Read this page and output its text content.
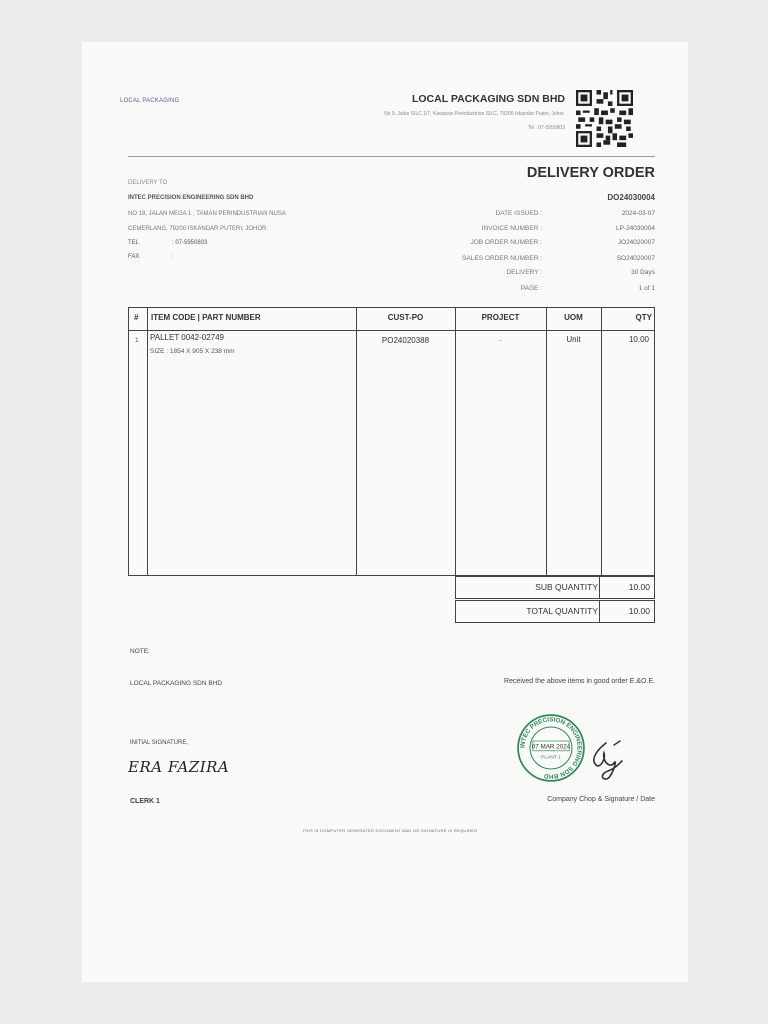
LOCAL PACKAGING	LOCAL PACKAGING SDN BHD
No 9, Jalan SILC 1/7, Kawasan Perindustrian SILC, 79200 Iskandar Puteri, Johor.
Tel : 07-5950803
DELIVERY ORDER
DO24030004
DELIVERY TO
INTEC PRECISION ENGINEERING SDN BHD
NO 18, JALAN MEGA 1 , TAMAN PERINDUSTRIAN NUSA
CEMERLANG, 79200 ISKANDAR PUTERI, JOHOR.
TEL	: 07-5950803
FAX	:
DATE ISSUED :	2024-03-07
INVOICE NUMBER :	LP-24030004
JOB ORDER NUMBER :	JO24020007
SALES ORDER NUMBER :	SO24020007
DELIVERY :	30 Days
PAGE :	1 of 1
# ITEM CODE | PART NUMBER	CUST-PO	PROJECT	UOM	QTY
1 PALLET 0042-02749
SIZE : 1854 X 905 X 238 mm
PO24020388	-	Unit	10.00
SUB QUANTITY	10.00
TOTAL QUANTITY	10.00
NOTE:
LOCAL PACKAGING SDN BHD	Received the above items in good order E.&O.E.
INITIAL SIGNATURE,
ERA FAZIRA
CLERK 1	Company Chop & Signature / Date
THIS IS COMPUTER GENERATED DOCUMENT AND NO SIGNATURE IS REQUIRED
INTEC PRECISION ENGINEERING SDN BHD
07 MAR 2024
PLANT 1
